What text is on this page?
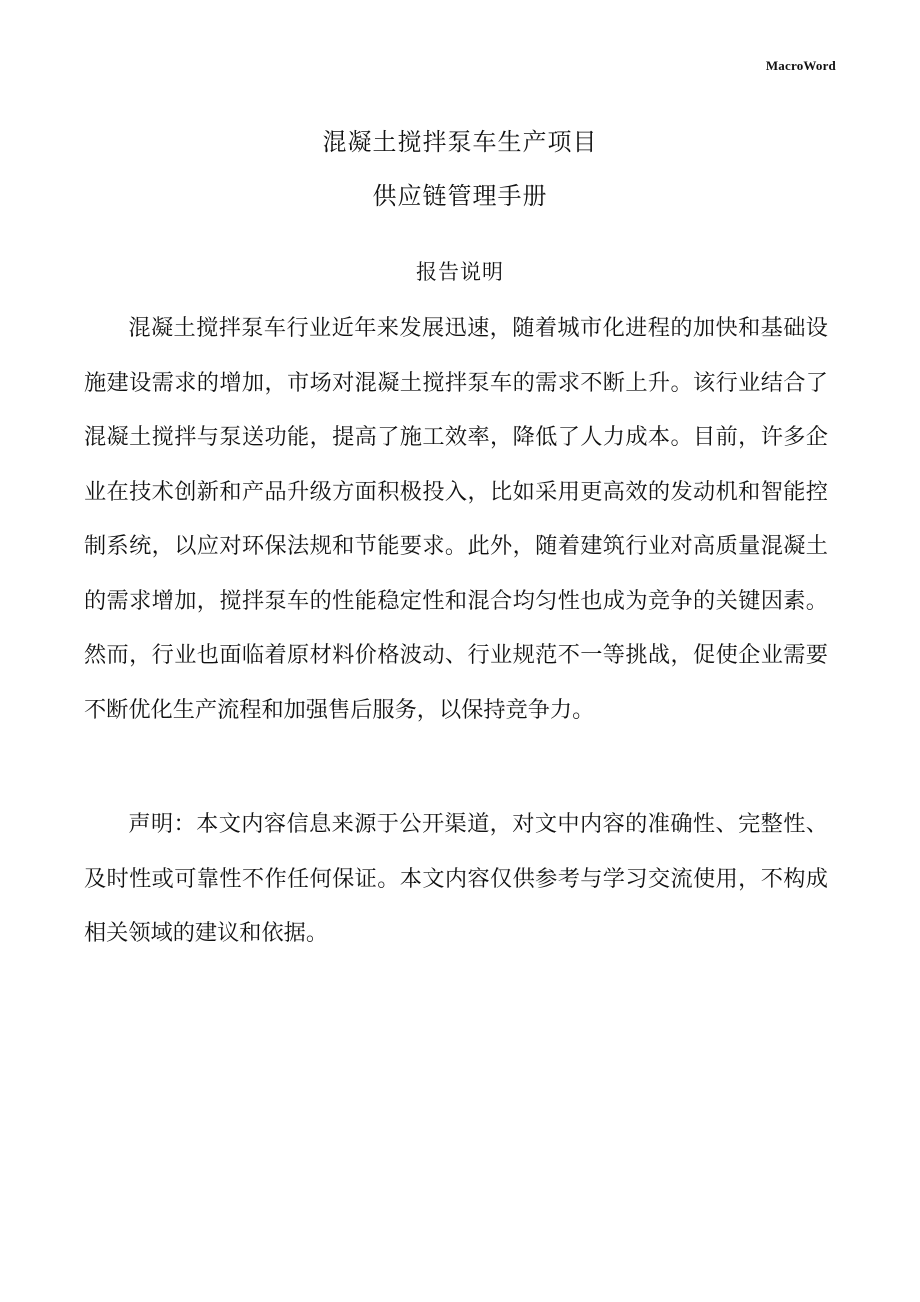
MacroWord
混凝土搅拌泵车生产项目
供应链管理手册
报告说明

混凝土搅拌泵车行业近年来发展迅速，随着城市化进程的加快和基础设施建设需求的增加，市场对混凝土搅拌泵车的需求不断上升。该行业结合了混凝土搅拌与泵送功能，提高了施工效率，降低了人力成本。目前，许多企业在技术创新和产品升级方面积极投入，比如采用更高效的发动机和智能控制系统，以应对环保法规和节能要求。此外，随着建筑行业对高质量混凝土的需求增加，搅拌泵车的性能稳定性和混合均匀性也成为竞争的关键因素。然而，行业也面临着原材料价格波动、行业规范不一等挑战，促使企业需要不断优化生产流程和加强售后服务，以保持竞争力。

声明：本文内容信息来源于公开渠道，对文中内容的准确性、完整性、及时性或可靠性不作任何保证。本文内容仅供参考与学习交流使用，不构成相关领域的建议和依据。
